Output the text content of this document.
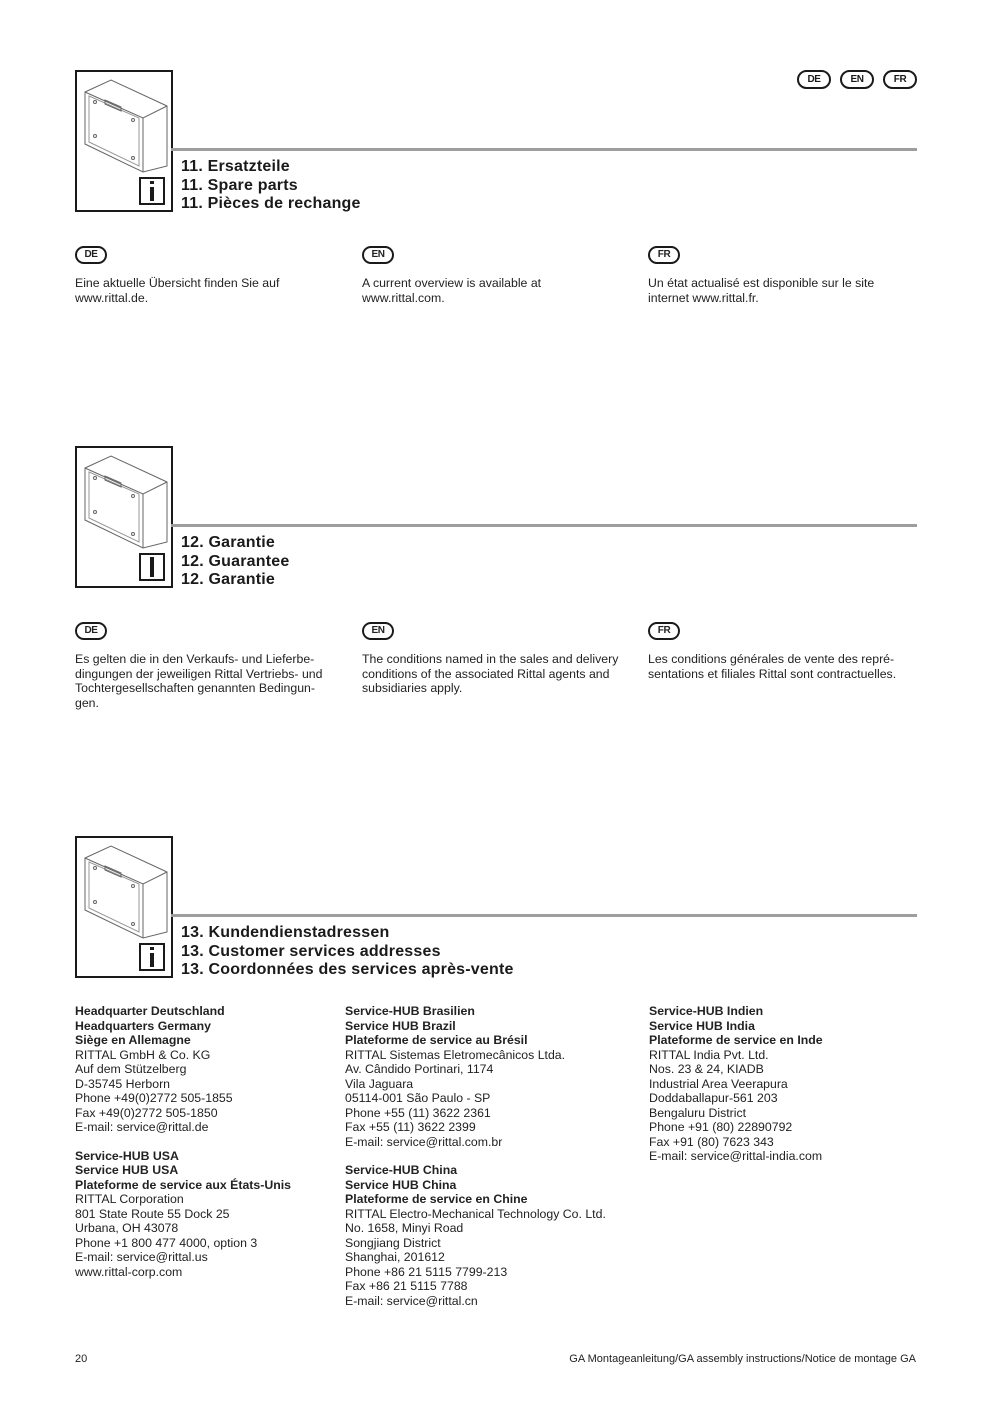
DE	EN	FR
11. Ersatzteile
11. Spare parts
11. Pièces de rechange
DE

Eine aktuelle Übersicht finden Sie auf

www.rittal.de.

EN

A current overview is available at

www.rittal.com.

FR

Un état actualisé est disponible sur le site

internet www.rittal.fr.

12. Garantie
12. Guarantee
12. Garantie
DE

Es gelten die in den Verkaufs- und Lieferbe-

dingungen der jeweiligen Rittal Vertriebs- und

Tochtergesellschaften genannten Bedingun-

gen.

EN

The conditions named in the sales and delivery

conditions of the associated Rittal agents and

subsidiaries apply.

FR

Les conditions générales de vente des repré-

sentations et filiales Rittal sont contractuelles.

13. Kundendienstadressen
13. Customer services addresses
13. Coordonnées des services après-vente
Headquarter Deutschland
Headquarters Germany
Siège en Allemagne
RITTAL GmbH & Co. KG
Auf dem Stützelberg
D-35745 Herborn
Phone +49(0)2772 505-1855
Fax +49(0)2772 505-1850
E-mail: service@rittal.de
Service-HUB USA
Service HUB USA
Plateforme de service aux États-Unis
RITTAL Corporation
801 State Route 55 Dock 25
Urbana, OH 43078
Phone +1 800 477 4000, option 3
E-mail: service@rittal.us
www.rittal-corp.com
Service-HUB Brasilien
Service HUB Brazil
Plateforme de service au Brésil
RITTAL Sistemas Eletromecânicos Ltda.
Av. Cândido Portinari, 1174
Vila Jaguara
05114-001 São Paulo - SP
Phone +55 (11) 3622 2361
Fax +55 (11) 3622 2399
E-mail: service@rittal.com.br
Service-HUB China
Service HUB China
Plateforme de service en Chine
RITTAL Electro-Mechanical Technology Co. Ltd.
No. 1658, Minyi Road
Songjiang District
Shanghai, 201612
Phone +86 21 5115 7799-213
Fax +86 21 5115 7788
E-mail: service@rittal.cn
Service-HUB Indien
Service HUB India
Plateforme de service en Inde
RITTAL India Pvt. Ltd.
Nos. 23 & 24, KIADB
Industrial Area Veerapura
Doddaballapur-561 203
Bengaluru District
Phone +91 (80) 22890792
Fax +91 (80) 7623 343
E-mail: service@rittal-india.com
20	GA Montageanleitung/GA assembly instructions/Notice de montage GA
